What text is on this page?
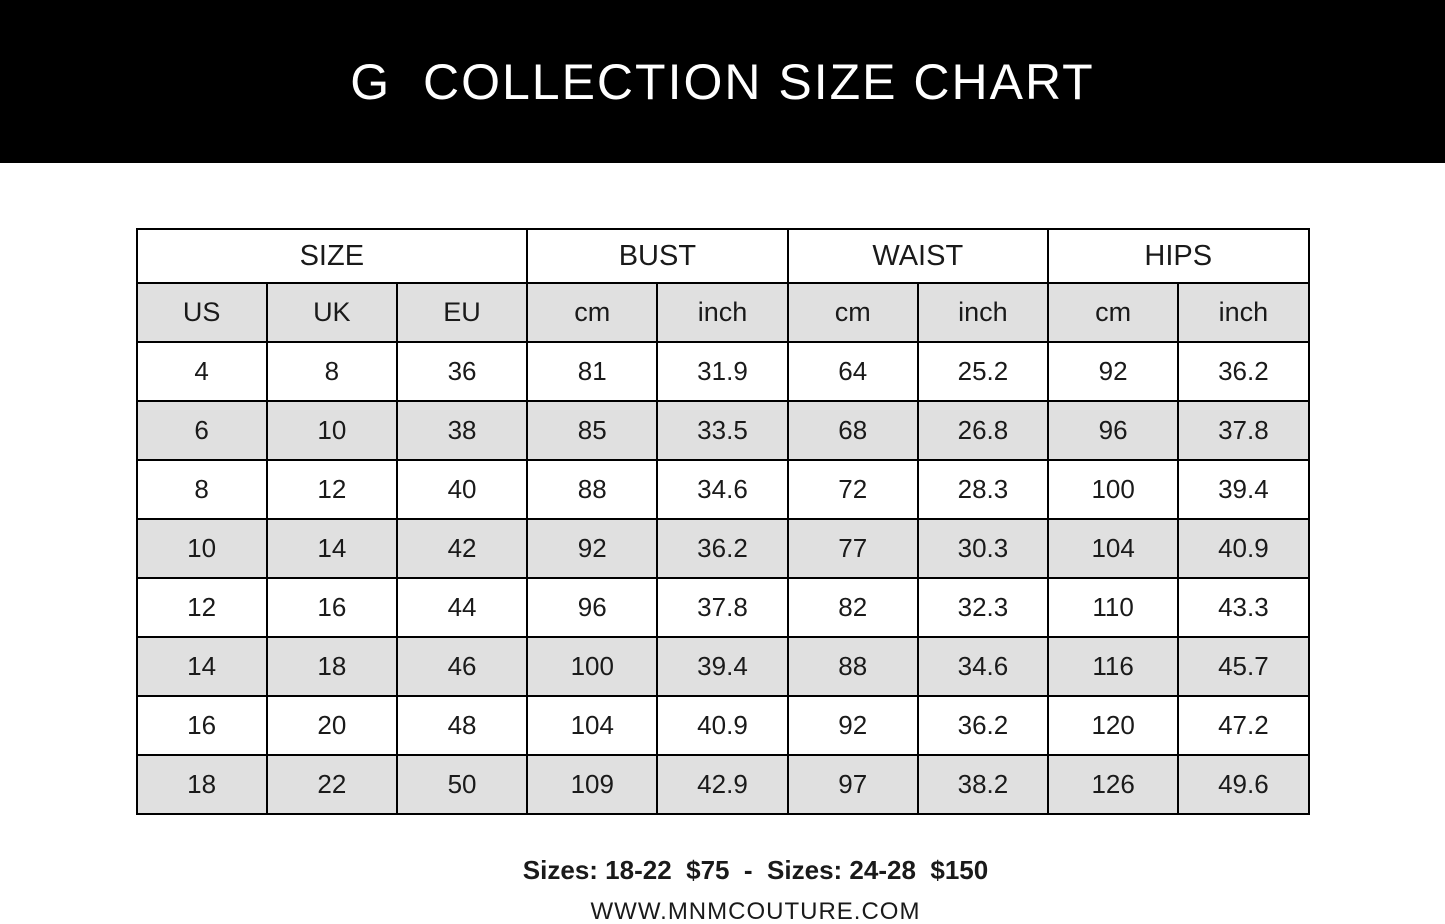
G  COLLECTION SIZE CHART
SIZE			BUST		WAIST		HIPS	
US	UK	EU	cm	inch	cm	inch	cm	inch
4	8	36	81	31.9	64	25.2	92	36.2
6	10	38	85	33.5	68	26.8	96	37.8
8	12	40	88	34.6	72	28.3	100	39.4
10	14	42	92	36.2	77	30.3	104	40.9
12	16	44	96	37.8	82	32.3	110	43.3
14	18	46	100	39.4	88	34.6	116	45.7
16	20	48	104	40.9	92	36.2	120	47.2
18	22	50	109	42.9	97	38.2	126	49.6
Sizes: 18-22  $75  -  Sizes: 24-28  $150
WWW.MNMCOUTURE.COM
